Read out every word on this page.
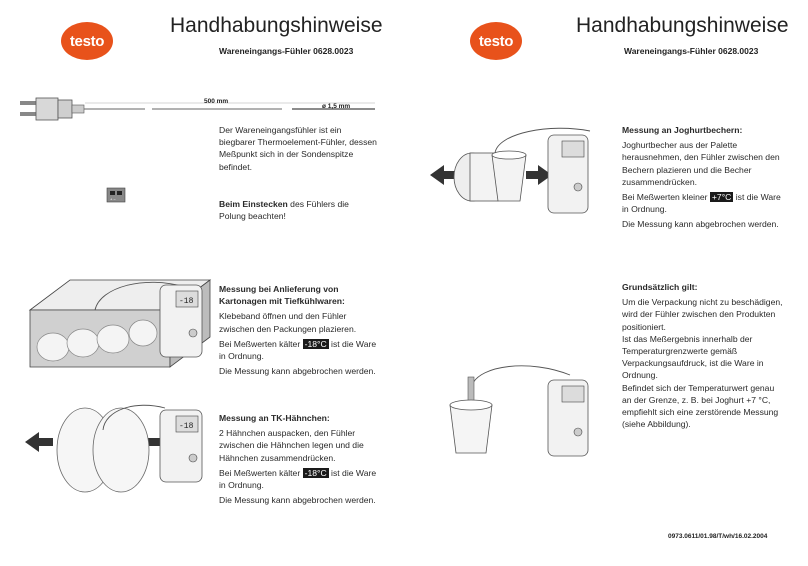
testo
Handhabungshinweise
Wareneingangs-Fühler 0628.0023
500 mm
ø 1,5 mm
Der Wareneingangsfühler ist ein biegbarer Thermoelement-Fühler, dessen Meßpunkt sich in der Sondenspitze befindet.
+ −	Beim Einstecken des Fühlers die Polung beachten!
-18

Messung bei Anlieferung von Kartonagen mit Tiefkühlwaren:

Klebeband öffnen und den Fühler zwischen den Packungen plazieren.

Bei Meßwerten kälter -18°C ist die Ware in Ordnung.

Die Messung kann abgebrochen werden.

-18

Messung an TK-Hähnchen:

2 Hähnchen auspacken, den Fühler zwischen die Hähnchen legen und die Hähnchen zusammendrücken.

Bei Meßwerten kälter -18°C ist die Ware in Ordnung.

Die Messung kann abgebrochen werden.

testo
Handhabungshinweise
Wareneingangs-Fühler 0628.0023

Messung an Joghurtbechern:

Joghurtbecher aus der Palette herausnehmen, den Fühler zwischen den Bechern plazieren und die Becher zusammendrücken.

Bei Meßwerten kleiner +7°C ist die Ware in Ordnung.

Die Messung kann abgebrochen werden.

Grundsätzlich gilt:

Um die Verpackung nicht zu beschädigen, wird der Fühler zwischen den Produkten positioniert.

Ist das Meßergebnis innerhalb der Temperaturgrenzwerte gemäß Verpackungsaufdruck, ist die Ware in Ordnung.

Befindet sich der Temperaturwert genau an der Grenze, z. B. bei Joghurt +7 °C, empfiehlt sich eine zerstörende Messung (siehe Abbildung).

0973.0611/01.98/T/wh/16.02.2004
